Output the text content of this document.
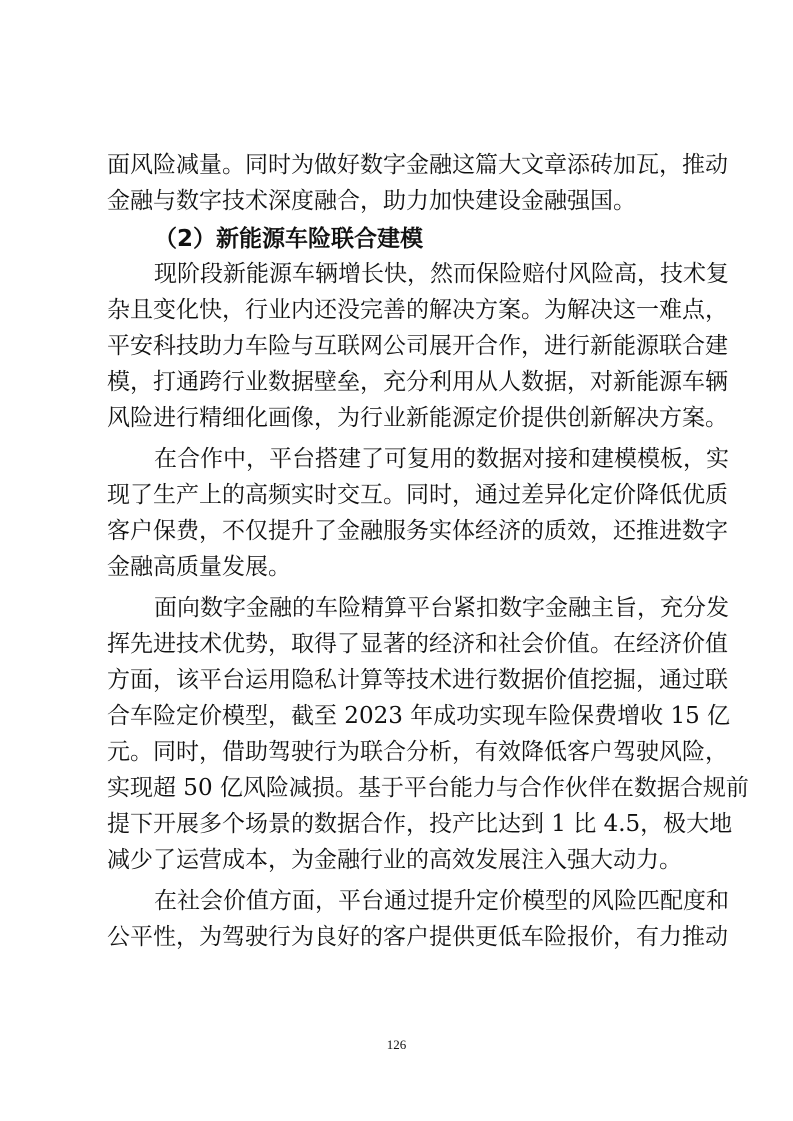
面风险减量。同时为做好数字金融这篇大文章添砖加瓦，推动
金融与数字技术深度融合，助力加快建设金融强国。
（2）新能源车险联合建模
现阶段新能源车辆增长快，然而保险赔付风险高，技术复
杂且变化快，行业内还没完善的解决方案。为解决这一难点，
平安科技助力车险与互联网公司展开合作，进行新能源联合建
模，打通跨行业数据壁垒，充分利用从人数据，对新能源车辆
风险进行精细化画像，为行业新能源定价提供创新解决方案。
在合作中，平台搭建了可复用的数据对接和建模模板，实
现了生产上的高频实时交互。同时，通过差异化定价降低优质
客户保费，不仅提升了金融服务实体经济的质效，还推进数字
金融高质量发展。
面向数字金融的车险精算平台紧扣数字金融主旨，充分发
挥先进技术优势，取得了显著的经济和社会价值。在经济价值
方面，该平台运用隐私计算等技术进行数据价值挖掘，通过联
合车险定价模型，截至 2023 年成功实现车险保费增收 15 亿
元。同时，借助驾驶行为联合分析，有效降低客户驾驶风险，
实现超 50 亿风险减损。基于平台能力与合作伙伴在数据合规前
提下开展多个场景的数据合作，投产比达到 1 比 4.5，极大地
减少了运营成本，为金融行业的高效发展注入强大动力。
在社会价值方面，平台通过提升定价模型的风险匹配度和
公平性，为驾驶行为良好的客户提供更低车险报价，有力推动
126
